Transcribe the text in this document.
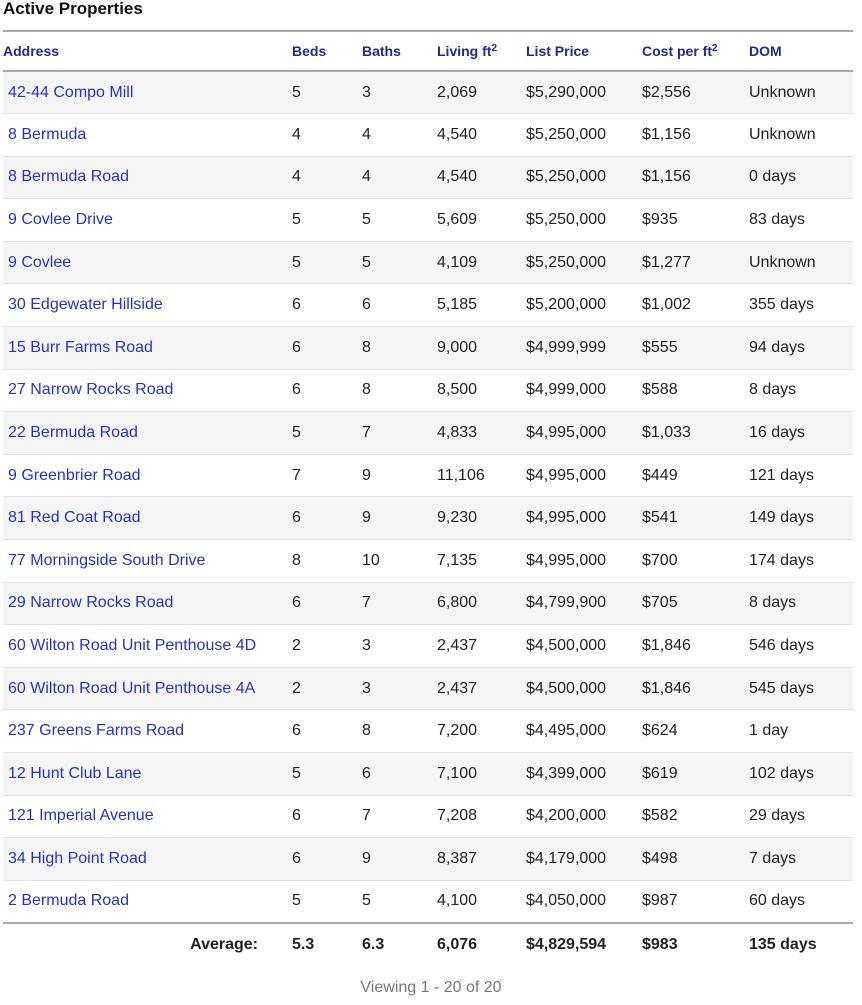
Active Properties
Address	Beds	Baths	Living $ft^2$	List Price	Cost per $ft^2$	DOM
42-44 Compo Mill	5	3	2,069	$5,290,000	$2,556	Unknown
8 Bermuda	4	4	4,540	$5,250,000	$1,156	Unknown
8 Bermuda Road	4	4	4,540	$5,250,000	$1,156	0 days
9 Covlee Drive	5	5	5,609	$5,250,000	$935	83 days
9 Covlee	5	5	4,109	$5,250,000	$1,277	Unknown
30 Edgewater Hillside	6	6	5,185	$5,200,000	$1,002	355 days
15 Burr Farms Road	6	8	9,000	$4,999,999	$555	94 days
27 Narrow Rocks Road	6	8	8,500	$4,999,000	$588	8 days
22 Bermuda Road	5	7	4,833	$4,995,000	$1,033	16 days
9 Greenbrier Road	7	9	11,106	$4,995,000	$449	121 days
81 Red Coat Road	6	9	9,230	$4,995,000	$541	149 days
77 Morningside South Drive	8	10	7,135	$4,995,000	$700	174 days
29 Narrow Rocks Road	6	7	6,800	$4,799,900	$705	8 days
60 Wilton Road Unit Penthouse 4D	2	3	2,437	$4,500,000	$1,846	546 days
60 Wilton Road Unit Penthouse 4A	2	3	2,437	$4,500,000	$1,846	545 days
237 Greens Farms Road	6	8	7,200	$4,495,000	$624	1 day
12 Hunt Club Lane	5	6	7,100	$4,399,000	$619	102 days
121 Imperial Avenue	6	7	7,208	$4,200,000	$582	29 days
34 High Point Road	6	9	8,387	$4,179,000	$498	7 days
2 Bermuda Road	5	5	4,100	$4,050,000	$987	60 days
Average:	5.3	6.3	6,076	$4,829,594	$983	135 days
Viewing 1 - 20 of 20
